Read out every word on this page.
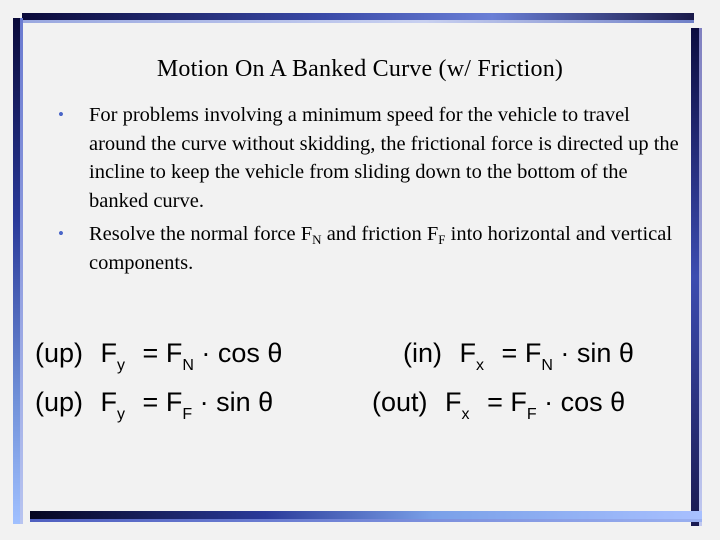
Motion On A Banked Curve (w/ Friction)
• For problems involving a minimum speed for the vehicle to travel around the curve without skidding, the frictional force is directed up the incline to keep the vehicle from sliding down to the bottom of the banked curve.
• Resolve the normal force $F_N$ and friction $F_F$ into horizontal and vertical components.
(up) $F_y = F_N \cdot \cos \theta$	(in) $F_x = F_N \cdot \sin \theta$
(up) $F_y = F_F \cdot \sin \theta$	(out) $F_x = F_F \cdot \cos \theta$
